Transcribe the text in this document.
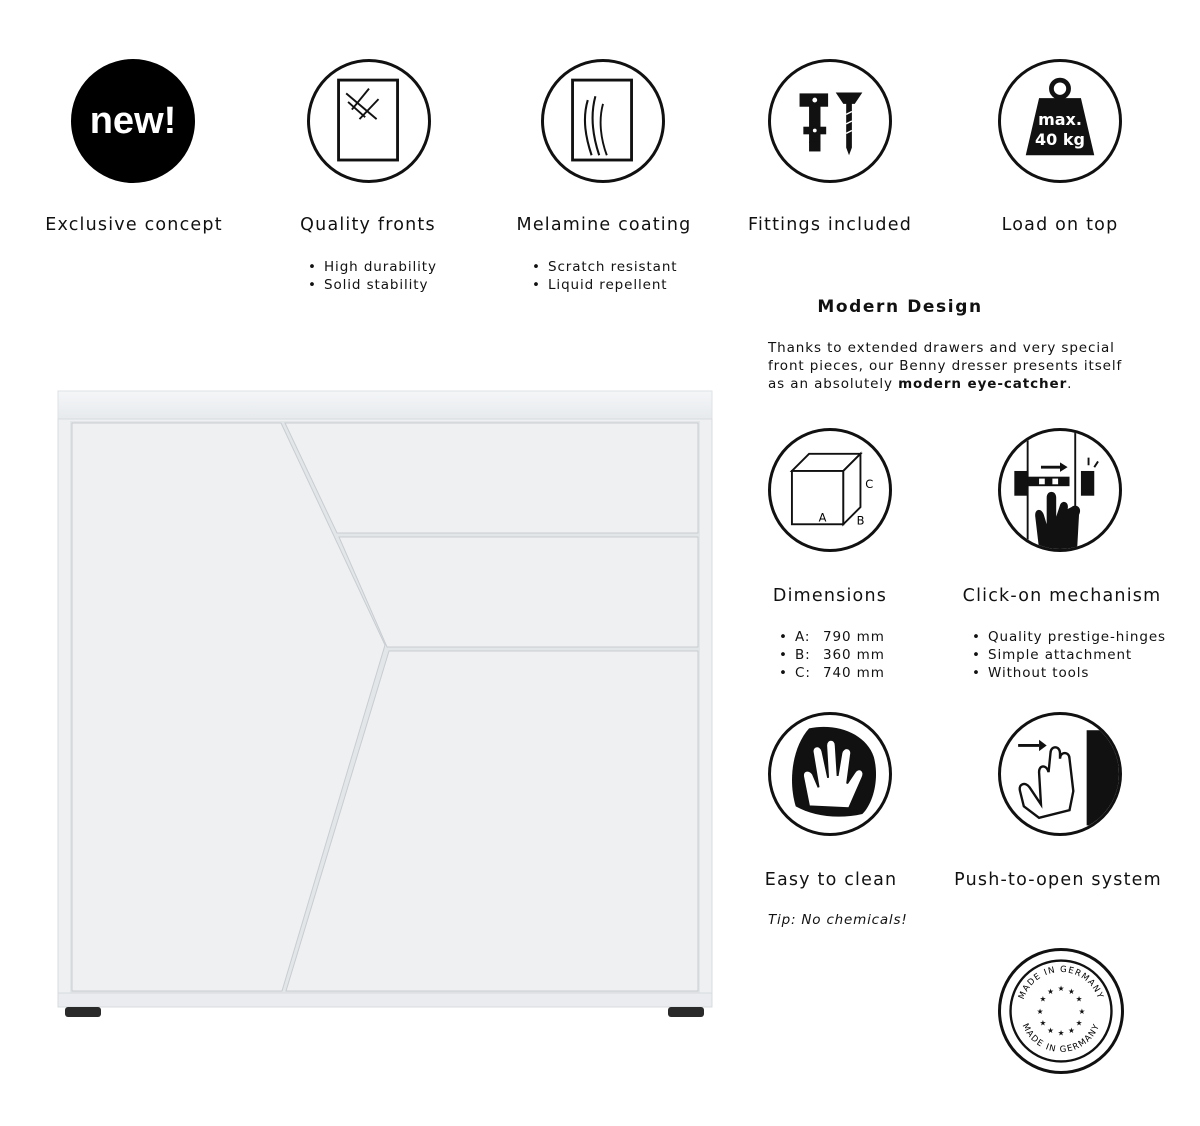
new!
Exclusive concept	Quality fronts
• High durability
• Solid stability
Melamine coating
• Scratch resistant
• Liquid repellent
Fittings included
max.
40 kg
Load on top
Modern Design
Thanks to extended drawers and very special front pieces, our Benny dresser presents itself as an absolutely modern eye-catcher.
A	B
C
Dimensions
• A: 790 mm
• B: 360 mm
• C: 740 mm
Click-on mechanism
• Quality prestige-hinges
• Simple attachment
• Without tools
Easy to clean
Tip: No chemicals!
Push-to-open system
MADE IN GERMANY
MADE IN GERMANY
★ ★
★
★
★
★
★
★
★
★
★
★
